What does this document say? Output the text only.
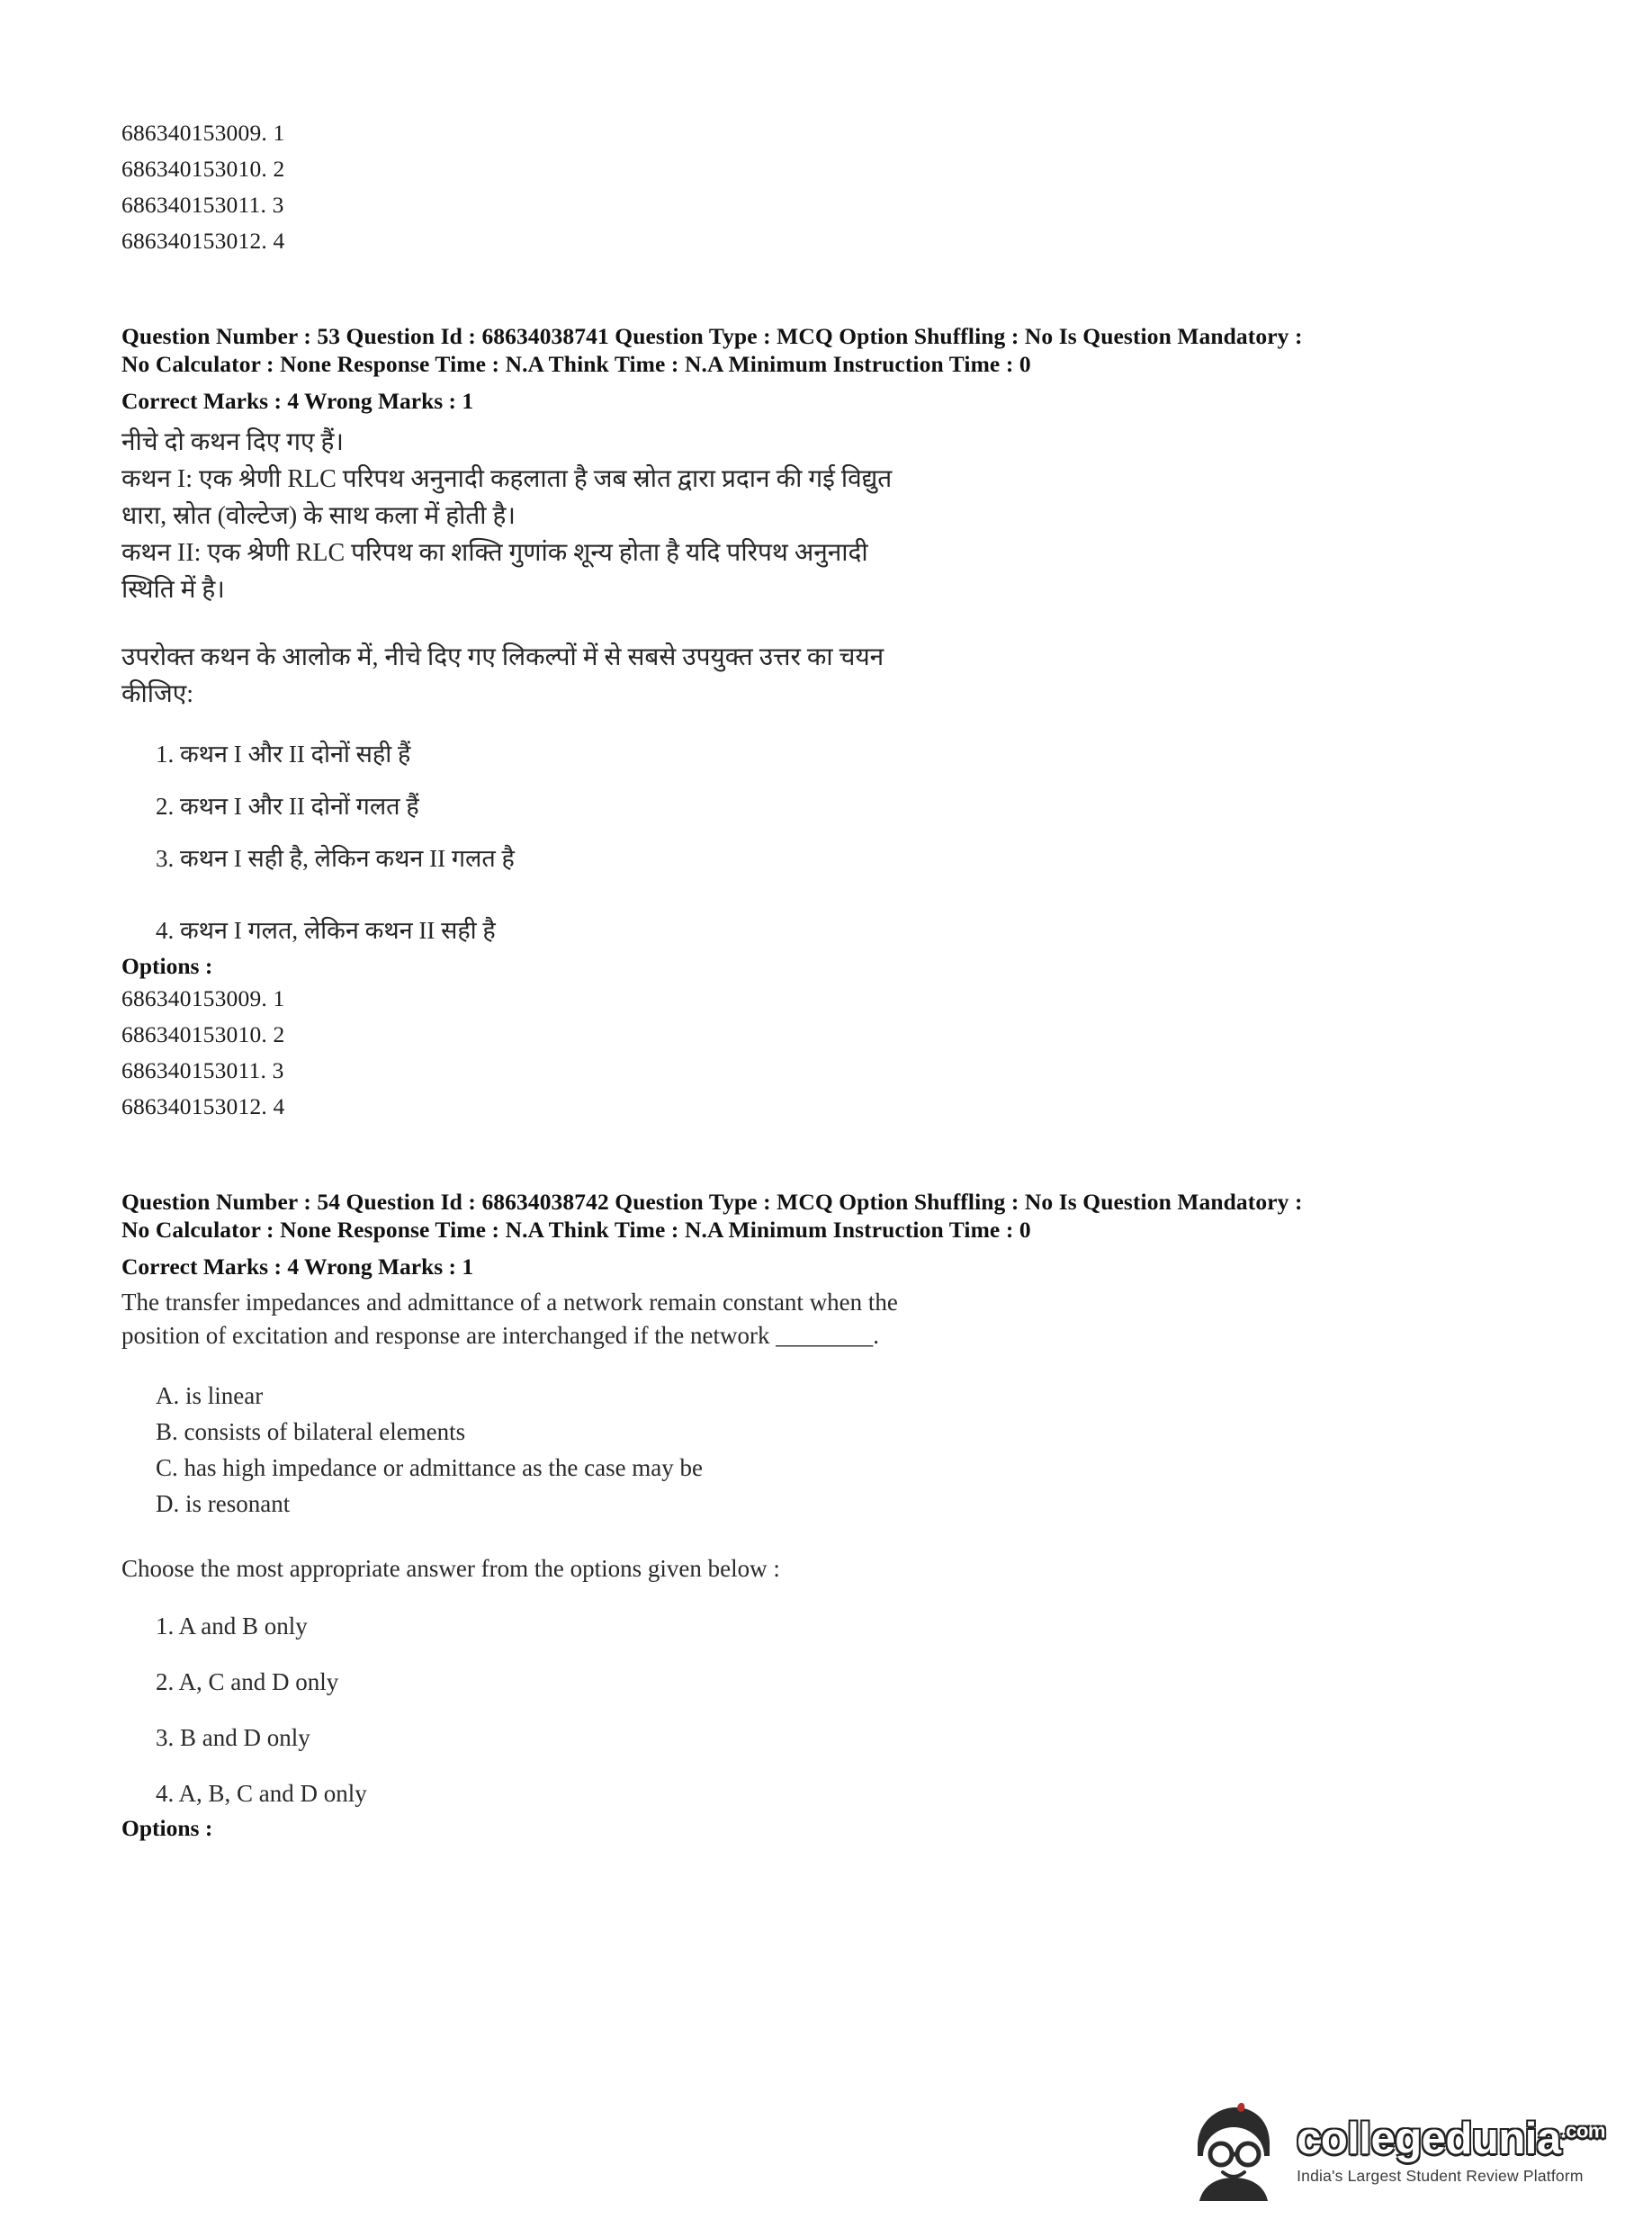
686340153009. 1
686340153010. 2
686340153011. 3
686340153012. 4
Question Number : 53 Question Id : 68634038741 Question Type : MCQ Option Shuffling : No Is Question Mandatory :
No Calculator : None Response Time : N.A Think Time : N.A Minimum Instruction Time : 0
Correct Marks : 4 Wrong Marks : 1
नीचे दो कथन दिए गए हैं।
कथन I: एक श्रेणी RLC परिपथ अनुनादी कहलाता है जब स्रोत द्वारा प्रदान की गई विद्युत
धारा, स्रोत (वोल्टेज) के साथ कला में होती है।
कथन II: एक श्रेणी RLC परिपथ का शक्ति गुणांक शून्य होता है यदि परिपथ अनुनादी
स्थिति में है।
उपरोक्त कथन के आलोक में, नीचे दिए गए लिकल्पों में से सबसे उपयुक्त उत्तर का चयन
कीजिए:
1. कथन I और II दोनों सही हैं
2. कथन I और II दोनों गलत हैं
3. कथन I सही है, लेकिन कथन II गलत है
4. कथन I गलत, लेकिन कथन II सही है
Options :
686340153009. 1
686340153010. 2
686340153011. 3
686340153012. 4
Question Number : 54 Question Id : 68634038742 Question Type : MCQ Option Shuffling : No Is Question Mandatory :
No Calculator : None Response Time : N.A Think Time : N.A Minimum Instruction Time : 0
Correct Marks : 4 Wrong Marks : 1
The transfer impedances and admittance of a network remain constant when the
position of excitation and response are interchanged if the network ________.
A. is linear
B. consists of bilateral elements
C. has high impedance or admittance as the case may be
D. is resonant
Choose the most appropriate answer from the options given below :
1. A and B only
2. A, C and D only
3. B and D only
4. A, B, C and D only
Options :
collegedunia$^{.com}$
India's Largest Student Review Platform
